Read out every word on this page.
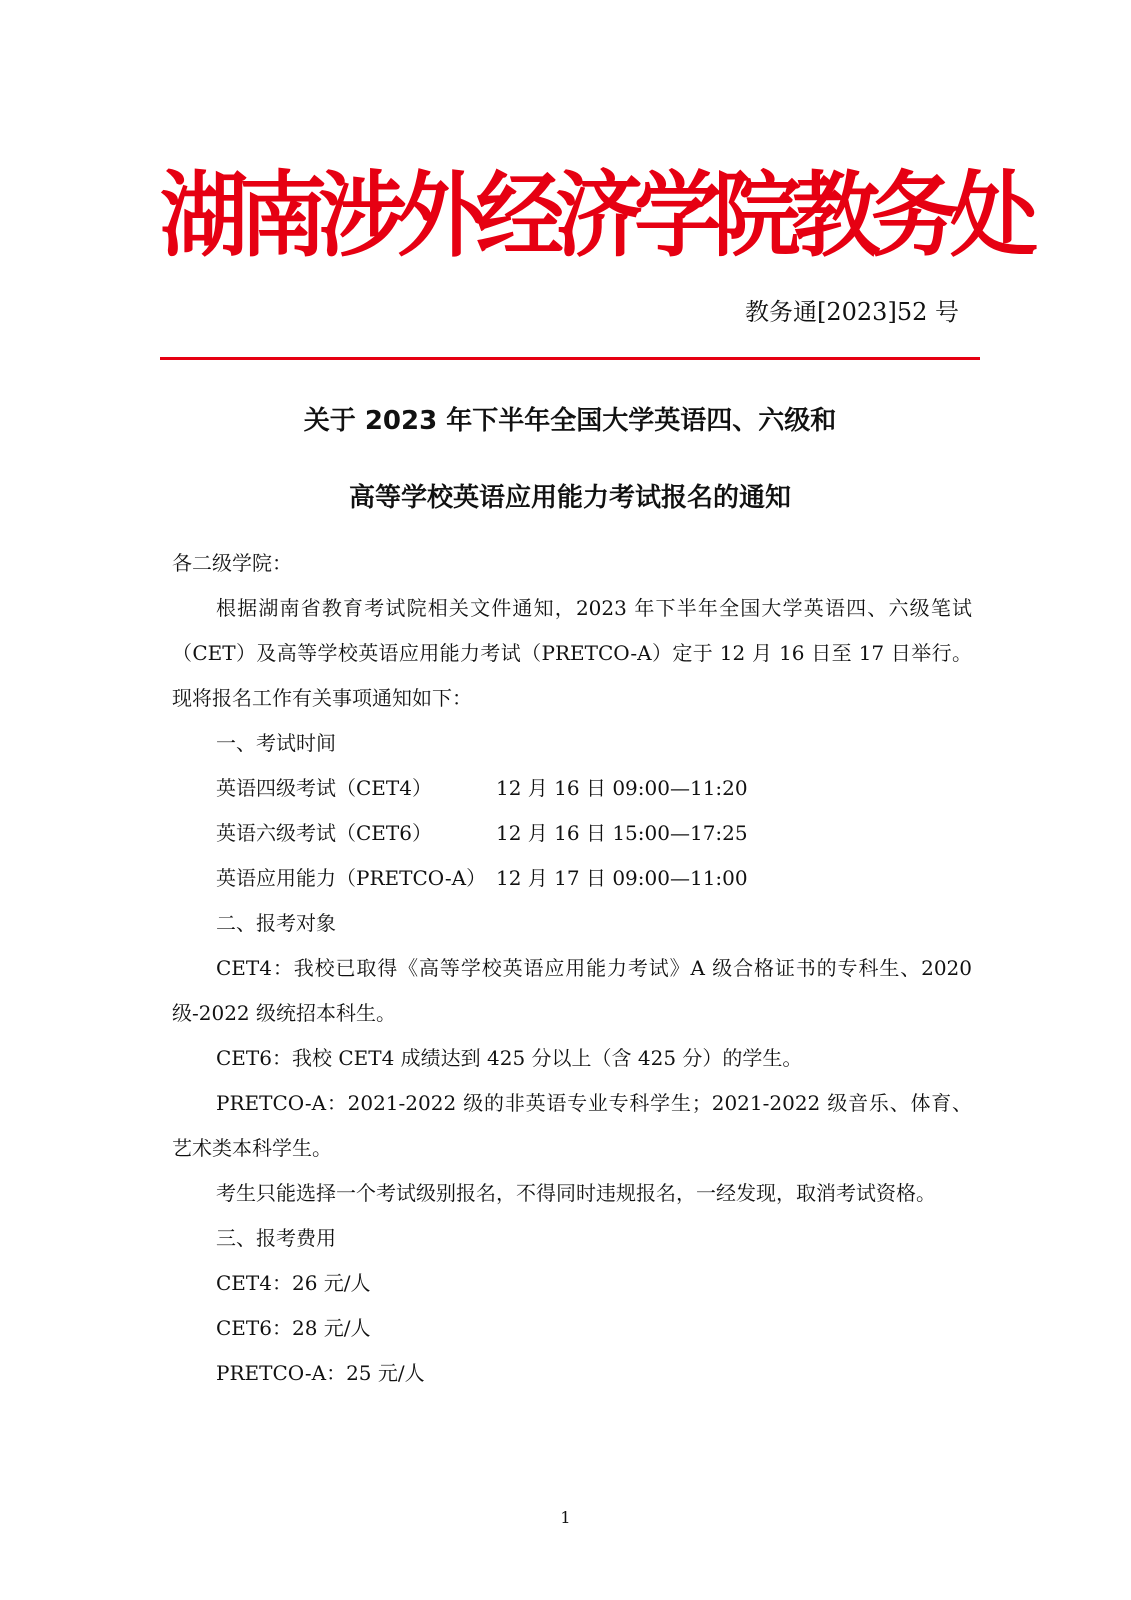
湖南涉外经济学院教务处
教务通[2023]52 号
关于 2023 年下半年全国大学英语四、六级和
高等学校英语应用能力考试报名的通知

各二级学院：

根据湖南省教育考试院相关文件通知，2023 年下半年全国大学英语四、六级笔试（CET）及高等学校英语应用能力考试（PRETCO-A）定于 12 月 16 日至 17 日举行。现将报名工作有关事项通知如下：

一、考试时间

英语四级考试（CET4）	12 月 16 日 09:00—11:20
英语六级考试（CET6）	12 月 16 日 15:00—17:25
英语应用能力（PRETCO-A） 12 月 17 日 09:00—11:00

二、报考对象

CET4：我校已取得《高等学校英语应用能力考试》A 级合格证书的专科生、2020 级-2022 级统招本科生。

CET6：我校 CET4 成绩达到 425 分以上（含 425 分）的学生。

PRETCO-A：2021-2022 级的非英语专业专科学生；2021-2022 级音乐、体育、艺术类本科学生。

考生只能选择一个考试级别报名，不得同时违规报名，一经发现，取消考试资格。

三、报考费用

CET4：26 元/人

CET6：28 元/人

PRETCO-A：25 元/人

1
